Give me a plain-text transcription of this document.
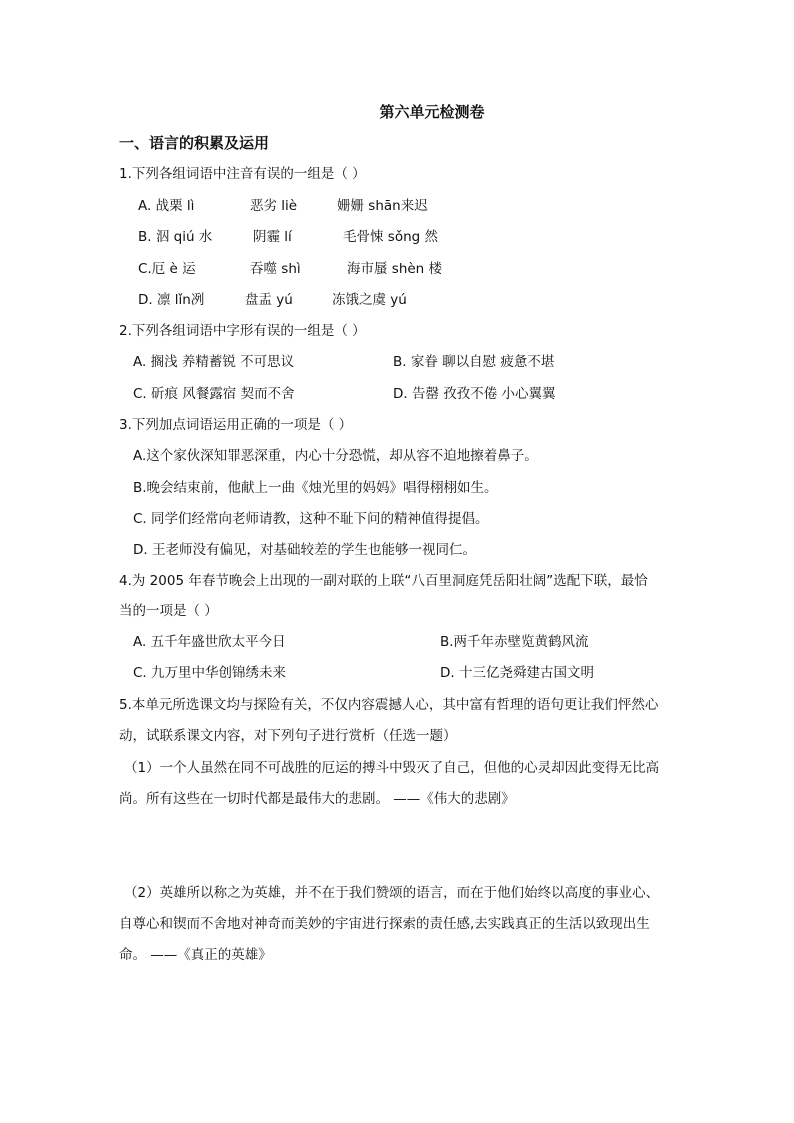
第六单元检测卷
一、语言的积累及运用
1.下列各组词语中注音有误的一组是（ ）
A. 战栗 lì	恶劣 liè	姗姗 shān来迟
B. 泅 qiú 水	阴霾 lí	毛骨悚 sǒng 然
C.厄 è 运	吞噬 shì	海市蜃 shèn 楼
D. 凛 lǐn冽	盘盂 yú	冻饿之虞 yú
2.下列各组词语中字形有误的一组是（ ）
A. 搁浅 养精蓄锐 不可思议	B. 家眷 聊以自慰 疲惫不堪
C. 斫痕 风餐露宿 契而不舍	D. 告罄 孜孜不倦 小心翼翼
3.下列加点词语运用正确的一项是（ ）
A.这个家伙深知罪恶深重，内心十分恐慌，却从容不迫地擦着鼻子。
B.晚会结束前，他献上一曲《烛光里的妈妈》唱得栩栩如生。
C. 同学们经常向老师请教，这种不耻下问的精神值得提倡。
D. 王老师没有偏见，对基础较差的学生也能够一视同仁。
4.为 2005 年春节晚会上出现的一副对联的上联“八百里洞庭凭岳阳壮阔”选配下联，最恰
当的一项是（ ）
A. 五千年盛世欣太平今日	B.两千年赤壁览黄鹤风流
C. 九万里中华创锦绣未来	D. 十三亿尧舜建古国文明
5.本单元所选课文均与探险有关，不仅内容震撼人心，其中富有哲理的语句更让我们怦然心
动，试联系课文内容，对下列句子进行赏析（任选一题）
（1）一个人虽然在同不可战胜的厄运的搏斗中毁灭了自己，但他的心灵却因此变得无比高
尚。所有这些在一切时代都是最伟大的悲剧。 ——《伟大的悲剧》
（2）英雄所以称之为英雄，并不在于我们赞颂的语言，而在于他们始终以高度的事业心、
自尊心和锲而不舍地对神奇而美妙的宇宙进行探索的责任感,去实践真正的生活以致现出生
命。 ——《真正的英雄》
